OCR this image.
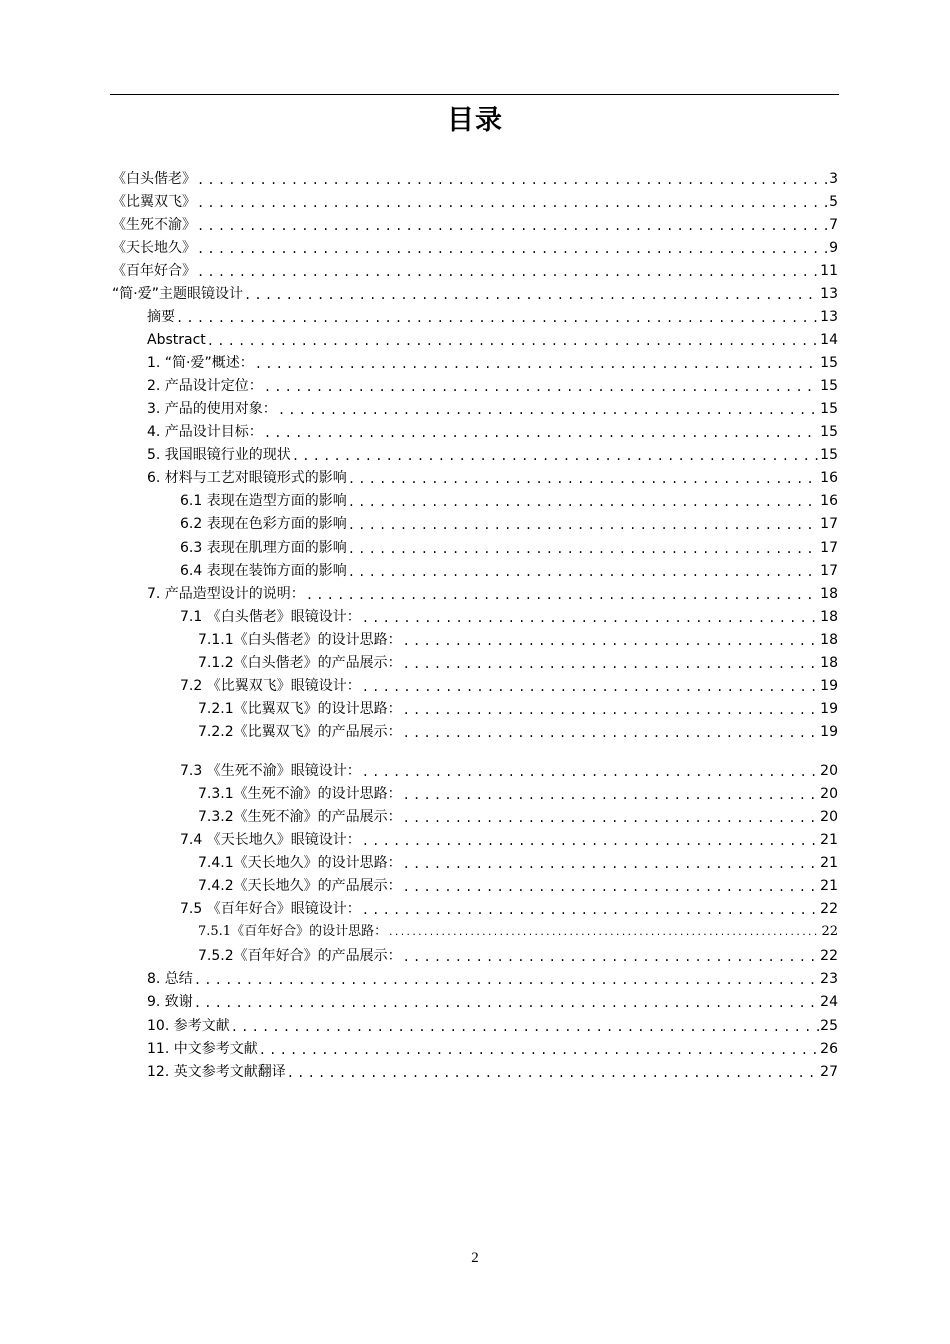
目录
《白头偕老》 .....	3
《比翼双飞》 .....	5
《生死不渝》 .....	7
《天长地久》 .....	9
《百年好合》 .....	11
“简·爱”主题眼镜设计 .....	13
摘要 .....	13
Abstract .....	14
1. “简·爱”概述： .....	15
2. 产品设计定位： .....	15
3. 产品的使用对象： .....	15
4. 产品设计目标： .....	15
5. 我国眼镜行业的现状 .....	15
6. 材料与工艺对眼镜形式的影响 .....	16
6.1 表现在造型方面的影响 .....	16
6.2 表现在色彩方面的影响 .....	17
6.3 表现在肌理方面的影响 .....	17
6.4 表现在装饰方面的影响 .....	17
7. 产品造型设计的说明： .....	18
7.1 《白头偕老》眼镜设计： .....	18
7.1.1《白头偕老》的设计思路： .....	18
7.1.2《白头偕老》的产品展示： .....	18
7.2 《比翼双飞》眼镜设计： .....	19
7.2.1《比翼双飞》的设计思路： .....	19
7.2.2《比翼双飞》的产品展示： .....	19
7.3 《生死不渝》眼镜设计： .....	20
7.3.1《生死不渝》的设计思路： .....	20
7.3.2《生死不渝》的产品展示： .....	20
7.4 《天长地久》眼镜设计： .....	21
7.4.1《天长地久》的设计思路： .....	21
7.4.2《天长地久》的产品展示： .....	21
7.5 《百年好合》眼镜设计： .....	22
7.5.1《百年好合》的设计思路： .....	22
7.5.2《百年好合》的产品展示： .....	22
8. 总结 .....	23
9. 致谢 .....	24
10. 参考文献 .....	25
11. 中文参考文献 .....	26
12. 英文参考文献翻译 .....	27
2
